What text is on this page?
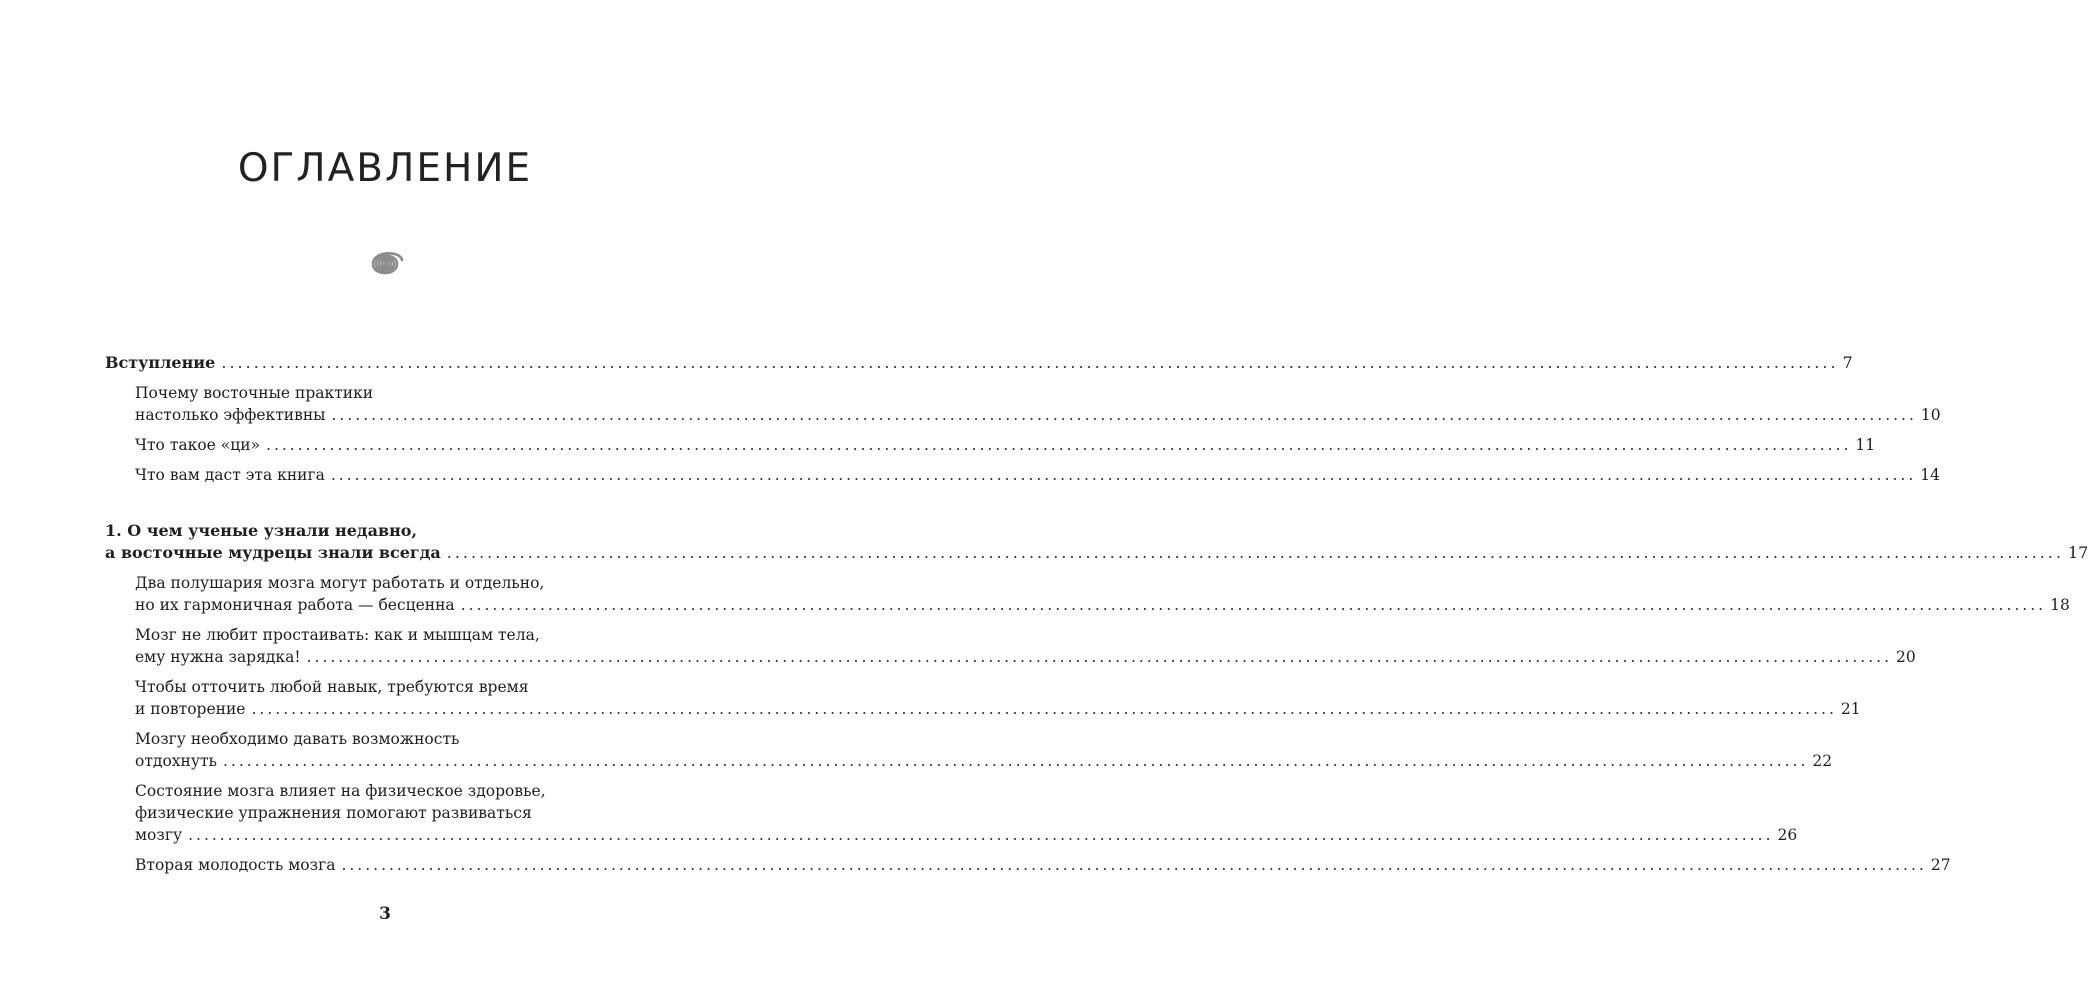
ОГЛАВЛЕНИЕ
Вступление ........................................................................................................................................................................................................ 7
Почему восточные практики
настолько эффективны ........................................................................................................................................................................................................ 10
Что такое «ци» ........................................................................................................................................................................................................ 11
Что вам даст эта книга ........................................................................................................................................................................................................ 14
1. О чем ученые узнали недавно,
а восточные мудрецы знали всегда ........................................................................................................................................................................................................ 17
Два полушария мозга могут работать и отдельно,
но их гармоничная работа — бесценна ........................................................................................................................................................................................................ 18
Мозг не любит простаивать: как и мышцам тела,
ему нужна зарядка! ........................................................................................................................................................................................................ 20
Чтобы отточить любой навык, требуются время
и повторение ........................................................................................................................................................................................................ 21
Мозгу необходимо давать возможность
отдохнуть ........................................................................................................................................................................................................ 22
Состояние мозга влияет на физическое здоровье,
физические упражнения помогают развиваться
мозгу ........................................................................................................................................................................................................ 26
Вторая молодость мозга ........................................................................................................................................................................................................ 27
3
